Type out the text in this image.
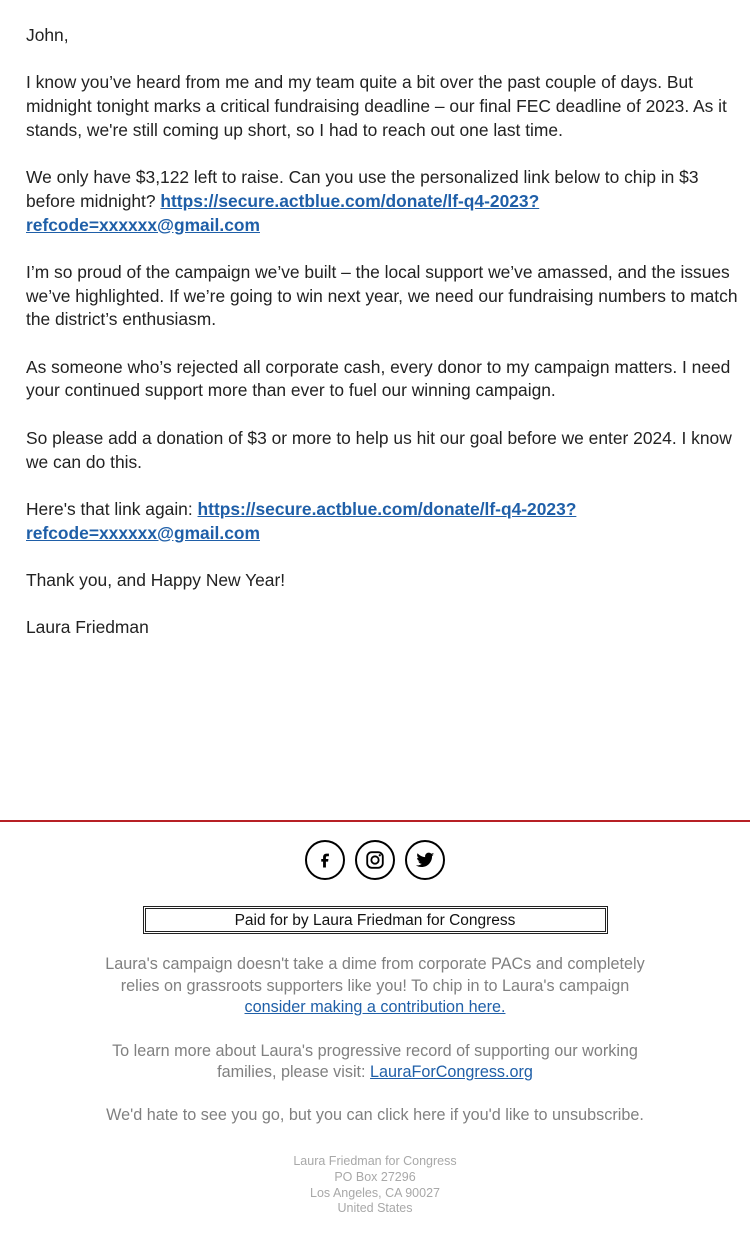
John,

I know you’ve heard from me and my team quite a bit over the past couple of days. But midnight tonight marks a critical fundraising deadline – our final FEC deadline of 2023. As it stands, we're still coming up short, so I had to reach out one last time.

We only have $3,122 left to raise. Can you use the personalized link below to chip in $3 before midnight? https://secure.actblue.com/donate/lf-q4-2023?refcode=xxxxxx@gmail.com

I’m so proud of the campaign we’ve built – the local support we’ve amassed, and the issues we’ve highlighted. If we’re going to win next year, we need our fundraising numbers to match the district’s enthusiasm.

As someone who’s rejected all corporate cash, every donor to my campaign matters. I need your continued support more than ever to fuel our winning campaign.

So please add a donation of $3 or more to help us hit our goal before we enter 2024. I know we can do this.

Here's that link again: https://secure.actblue.com/donate/lf-q4-2023?refcode=xxxxxx@gmail.com

Thank you, and Happy New Year!

Laura Friedman

Paid for by Laura Friedman for Congress
Laura's campaign doesn't take a dime from corporate PACs and completely relies on grassroots supporters like you! To chip in to Laura's campaign
consider making a contribution here.
To learn more about Laura's progressive record of supporting our working families, please visit: LauraForCongress.org
We'd hate to see you go, but you can click here if you'd like to unsubscribe.
Laura Friedman for Congress
PO Box 27296
Los Angeles, CA 90027
United States
